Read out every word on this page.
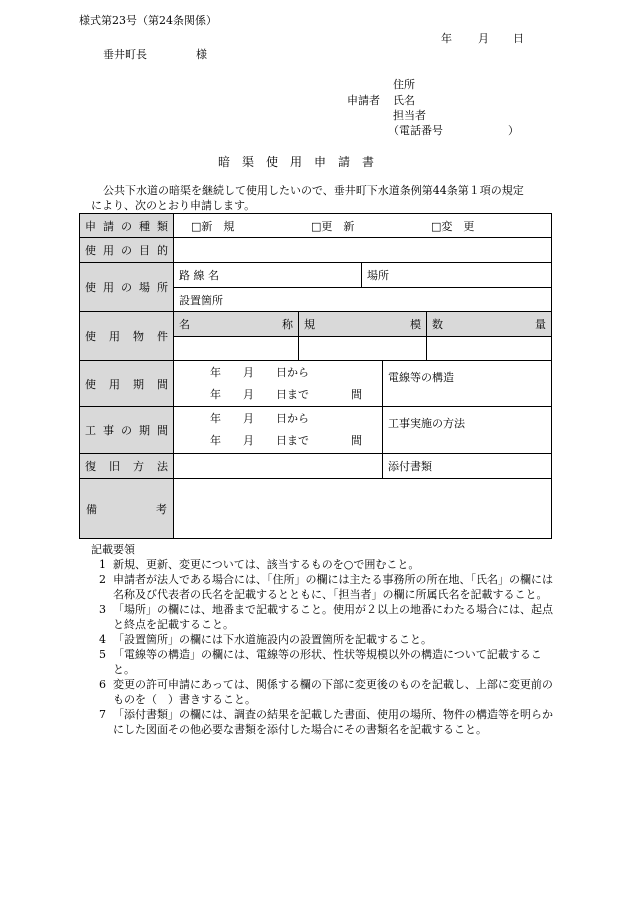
様式第23号（第24条関係）
年 月 日
垂井町長	様
住所
申請者 氏名
担当者
（電話番号	）
暗　渠　使　用　申　請　書
公共下水道の暗渠を継続して使用したいので、垂井町下水道条例第44条第１項の規定
により、次のとおり申請します。
申請の種類	□新　規 □更　新 □変　更				
使用の目的					
使用の場所	路 線 名		場所		
	設置箇所				
使用物件	名 称	規 模			数 量

使用期間	年　　月　　日から
年　　月　　日まで 間			電線等の構造	
工事の期間	年　　月　　日から
年　　月　　日まで 間			工事実施の方法	
復旧方法				添付書類	

備 考					

記載要領
1 新規、更新、変更については、該当するものを○で囲むこと。
2 申請者が法人である場合には、「住所」の欄には主たる事務所の所在地、「氏名」の欄には名称及び代表者の氏名を記載するとともに、「担当者」の欄に所属氏名を記載すること。
3 「場所」の欄には、地番まで記載すること。使用が２以上の地番にわたる場合には、起点と終点を記載すること。
4 「設置箇所」の欄には下水道施設内の設置箇所を記載すること。
5 「電線等の構造」の欄には、電線等の形状、性状等規模以外の構造について記載すること。
6 変更の許可申請にあっては、関係する欄の下部に変更後のものを記載し、上部に変更前のものを（　）書きすること。
7 「添付書類」の欄には、調査の結果を記載した書面、使用の場所、物件の構造等を明らかにした図面その他必要な書類を添付した場合にその書類名を記載すること。
